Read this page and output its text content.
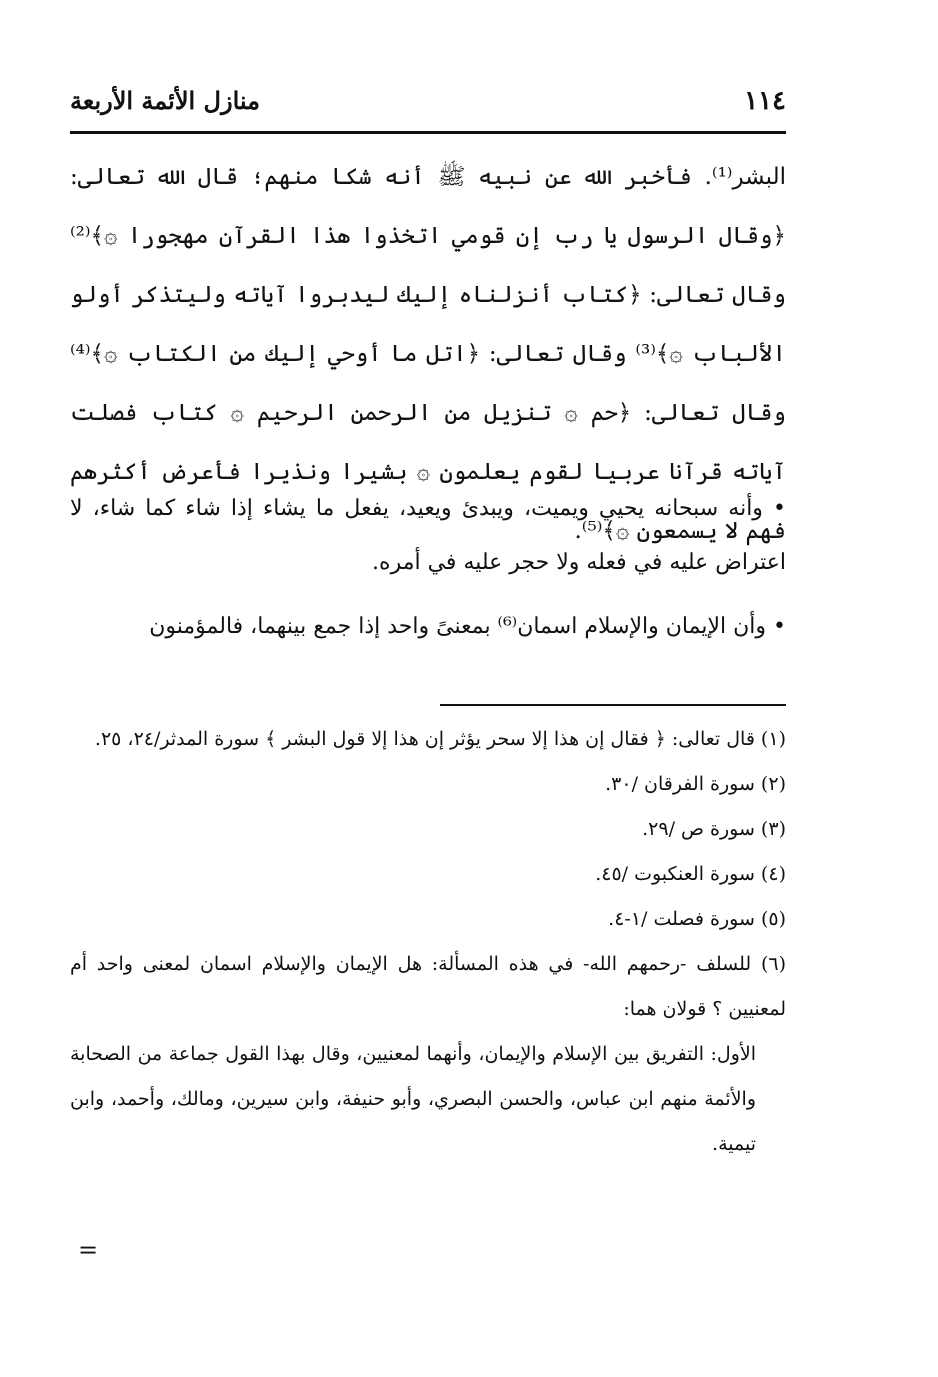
١١٤
منازل الأئمة الأربعة

البشر⁽¹⁾. فأخبر الله عن نبيه ﷺ أنه شكا منهم؛ قال الله تعالى: ﴿وقال الرسول يا رب إن قومي اتخذوا هذا القرآن مهجورا ۞﴾⁽²⁾ وقال تعالى: ﴿كتاب أنزلناه إليك ليدبروا آياته وليتذكر أولو الألباب ۞﴾⁽³⁾ وقال تعالى: ﴿اتل ما أوحي إليك من الكتاب ۞﴾⁽⁴⁾ وقال تعالى: ﴿حم ۞ تنزيل من الرحمن الرحيم ۞ كتاب فصلت آياته قرآنا عربيا لقوم يعلمون ۞ بشيرا ونذيرا فأعرض أكثرهم فهم لا يسمعون ۞﴾⁽⁵⁾.

• وأنه سبحانه يحيي ويميت، ويبدئ ويعيد، يفعل ما يشاء إذا شاء كما شاء، لا اعتراض عليه في فعله ولا حجر عليه في أمره.
• وأن الإيمان والإسلام اسمان⁽⁶⁾ بمعنىً واحد إذا جمع بينهما، فالمؤمنون

(١) قال تعالى: ﴿ فقال إن هذا إلا سحر يؤثر إن هذا إلا قول البشر ﴾ سورة المدثر/٢٤، ٢٥.

(٢) سورة الفرقان /٣٠.

(٣) سورة ص /٢٩.

(٤) سورة العنكبوت /٤٥.

(٥) سورة فصلت /١-٤.

(٦) للسلف -رحمهم الله- في هذه المسألة: هل الإيمان والإسلام اسمان لمعنى واحد أم لمعنيين ؟ قولان هما:

الأول: التفريق بين الإسلام والإيمان، وأنهما لمعنيين، وقال بهذا القول جماعة من الصحابة والأئمة منهم ابن عباس، والحسن البصري، وأبو حنيفة، وابن سيرين، ومالك، وأحمد، وابن تيمية.

=
